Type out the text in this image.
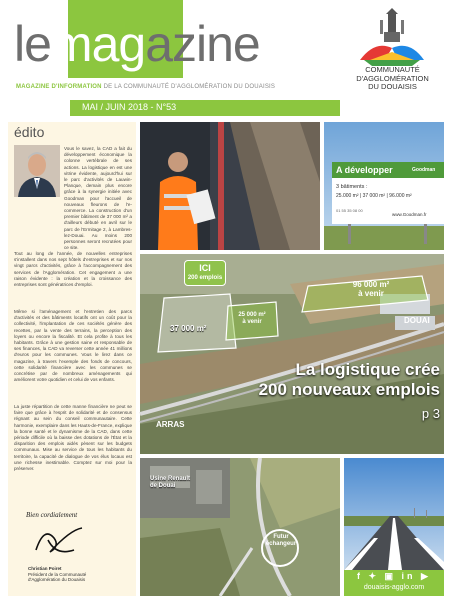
lemagazine
MAGAZINE D'INFORMATION DE LA COMMUNAUTÉ D'AGGLOMÉRATION DU DOUAISIS
MAI / JUIN 2018 - N°53
COMMUNAUTÉ
D'AGGLOMÉRATION
DU DOUAISIS
édito
Vous le savez, la CAD a fait du développement économique la colonne vertébrale de ses actions. La logistique en est une vitrine évidente, aujourd'hui sur le parc d'activités de Lauwin-Planque, demain plus encore grâce à la synergie initiée avec Goodman pour l'accueil de nouveaux fleurons de l'e-commerce. La construction d'un premier bâtiment de 37 000 m² a d'ailleurs débuté en avril sur le parc de l'Ermitage 2, à Lambres-lez-Douai. Au moins 200 personnes seront recrutées pour ce site.
Tout au long de l'année, de nouvelles entreprises s'installent dans nos sept hôtels d'entreprises et sur nos vingt parcs d'activités, grâce à l'accompagnement des services de l'Agglomération. Cet engagement a une raison évidente : la création et la croissance des entreprises sont génératrices d'emploi.
Même si l'aménagement et l'entretien des parcs d'activités et des bâtiments locatifs ont un coût pour la collectivité, l'implantation de ces sociétés génère des recettes, par la vente des terrains, la perception des loyers ou encore la fiscalité. Et cela profite à tous les habitants. Grâce à une gestion saine et responsable de ses finances, la CAD va reverser cette année 41 millions d'euros pour les communes. Vous le lirez dans ce magazine, à travers l'exemple des fonds de concours, cette solidarité financière avec les communes se concrétise par de nombreux aménagements qui améliorent votre quotidien et celui de vos enfants.
La juste répartition de cette manne financière ne peut se faire que grâce à l'esprit de solidarité et de consensus régnant au sein du conseil communautaire. Cette harmonie, exemplaire dans les Hauts-de-France, explique la bonne santé et le dynamisme de la CAD, dans cette période difficile où la baisse des dotations de l'État et la disparition des emplois aidés pèsent sur les budgets communaux. Mise au service de tous les habitants du territoire, la capacité de dialogue de vos élus locaux est une richesse inestimable. Comptez sur moi pour la préserver.
Bien cordialement
Christian Poiret
Président de la Communauté
d'Agglomération du Douaisis
A développer	Goodman
3 bâtiments :
25.000 m² | 37 000 m² | 96.000 m²
01 55 35 08 00
www.Goodman.fr
ICI
200 emplois
37 000 m²
25 000 m²
à venir
96 000 m²
à venir
DOUAI
ARRAS
La logistique crée
200 nouveaux emplois
p 3
Usine Renault
de Douai
Futur
échangeur
f ✦ ▣ in ▶
douaisis-agglo.com
